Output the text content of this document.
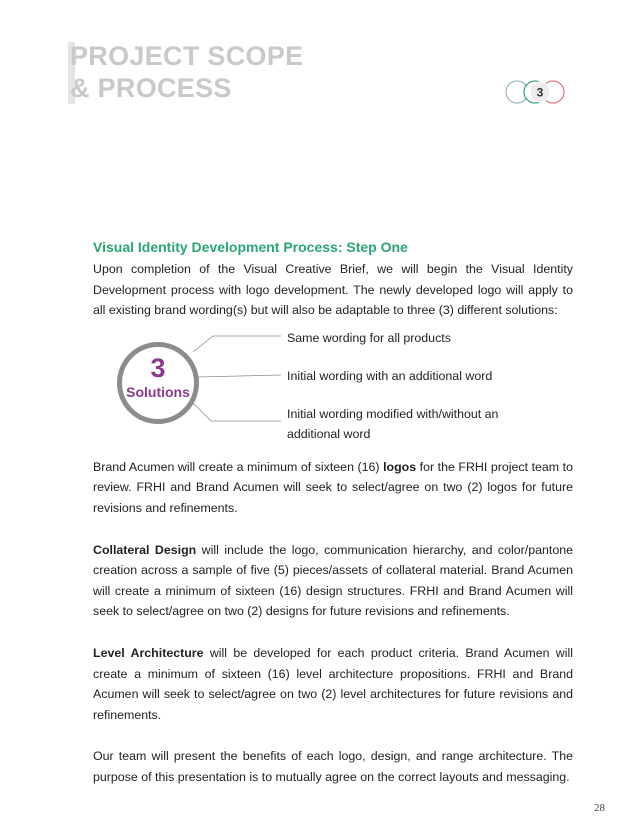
PROJECT SCOPE
& PROCESS	3
Visual Identity Development Process: Step One

Upon completion of the Visual Creative Brief, we will begin the Visual Identity Development process with logo development. The newly developed logo will apply to all existing brand wording(s) but will also be adaptable to three (3) different solutions:

3
Solutions
Same wording for all products
Initial wording with an additional word
Initial wording modified with/without an additional word

Brand Acumen will create a minimum of sixteen (16) logos for the FRHI project team to review. FRHI and Brand Acumen will seek to select/agree on two (2) logos for future revisions and refinements.

Collateral Design will include the logo, communication hierarchy, and color/pantone creation across a sample of five (5) pieces/assets of collateral material. Brand Acumen will create a minimum of sixteen (16) design structures. FRHI and Brand Acumen will seek to select/agree on two (2) designs for future revisions and refinements.

Level Architecture will be developed for each product criteria. Brand Acumen will create a minimum of sixteen (16) level architecture propositions. FRHI and Brand Acumen will seek to select/agree on two (2) level architectures for future revisions and refinements.

Our team will present the benefits of each logo, design, and range architecture. The purpose of this presentation is to mutually agree on the correct layouts and messaging.

28
